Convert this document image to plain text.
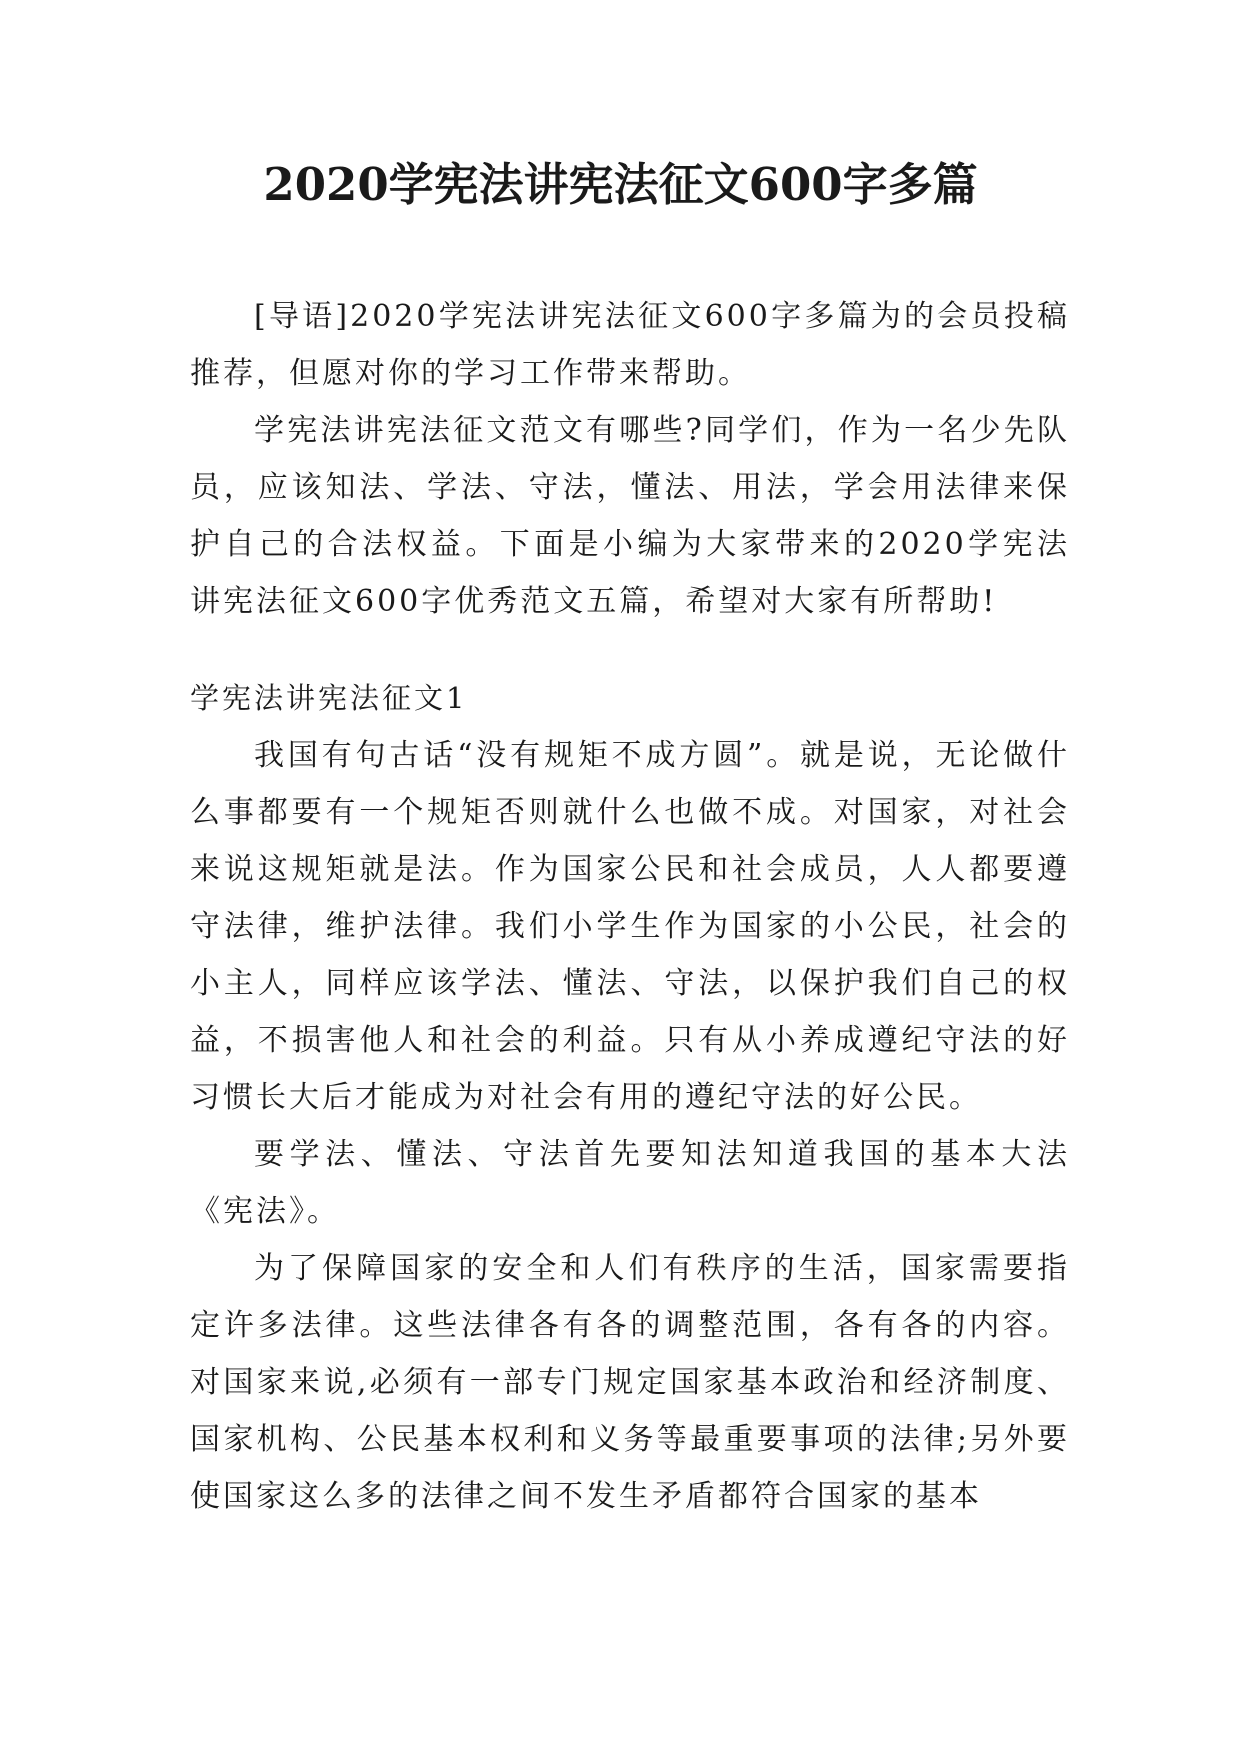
2020学宪法讲宪法征文600字多篇

[导语]2020学宪法讲宪法征文600字多篇为的会员投稿推荐，但愿对你的学习工作带来帮助。

学宪法讲宪法征文范文有哪些?同学们，作为一名少先队员，应该知法、学法、守法，懂法、用法，学会用法律来保护自己的合法权益。下面是小编为大家带来的2020学宪法讲宪法征文600字优秀范文五篇，希望对大家有所帮助!

学宪法讲宪法征文1

我国有句古话“没有规矩不成方圆”。就是说，无论做什么事都要有一个规矩否则就什么也做不成。对国家，对社会来说这规矩就是法。作为国家公民和社会成员，人人都要遵守法律，维护法律。我们小学生作为国家的小公民，社会的小主人，同样应该学法、懂法、守法，以保护我们自己的权益，不损害他人和社会的利益。只有从小养成遵纪守法的好习惯长大后才能成为对社会有用的遵纪守法的好公民。

要学法、懂法、守法首先要知法知道我国的基本大法《宪法》。

为了保障国家的安全和人们有秩序的生活，国家需要指定许多法律。这些法律各有各的调整范围，各有各的内容。对国家来说,必须有一部专门规定国家基本政治和经济制度、国家机构、公民基本权利和义务等最重要事项的法律;另外要使国家这么多的法律之间不发生矛盾都符合国家的基本
